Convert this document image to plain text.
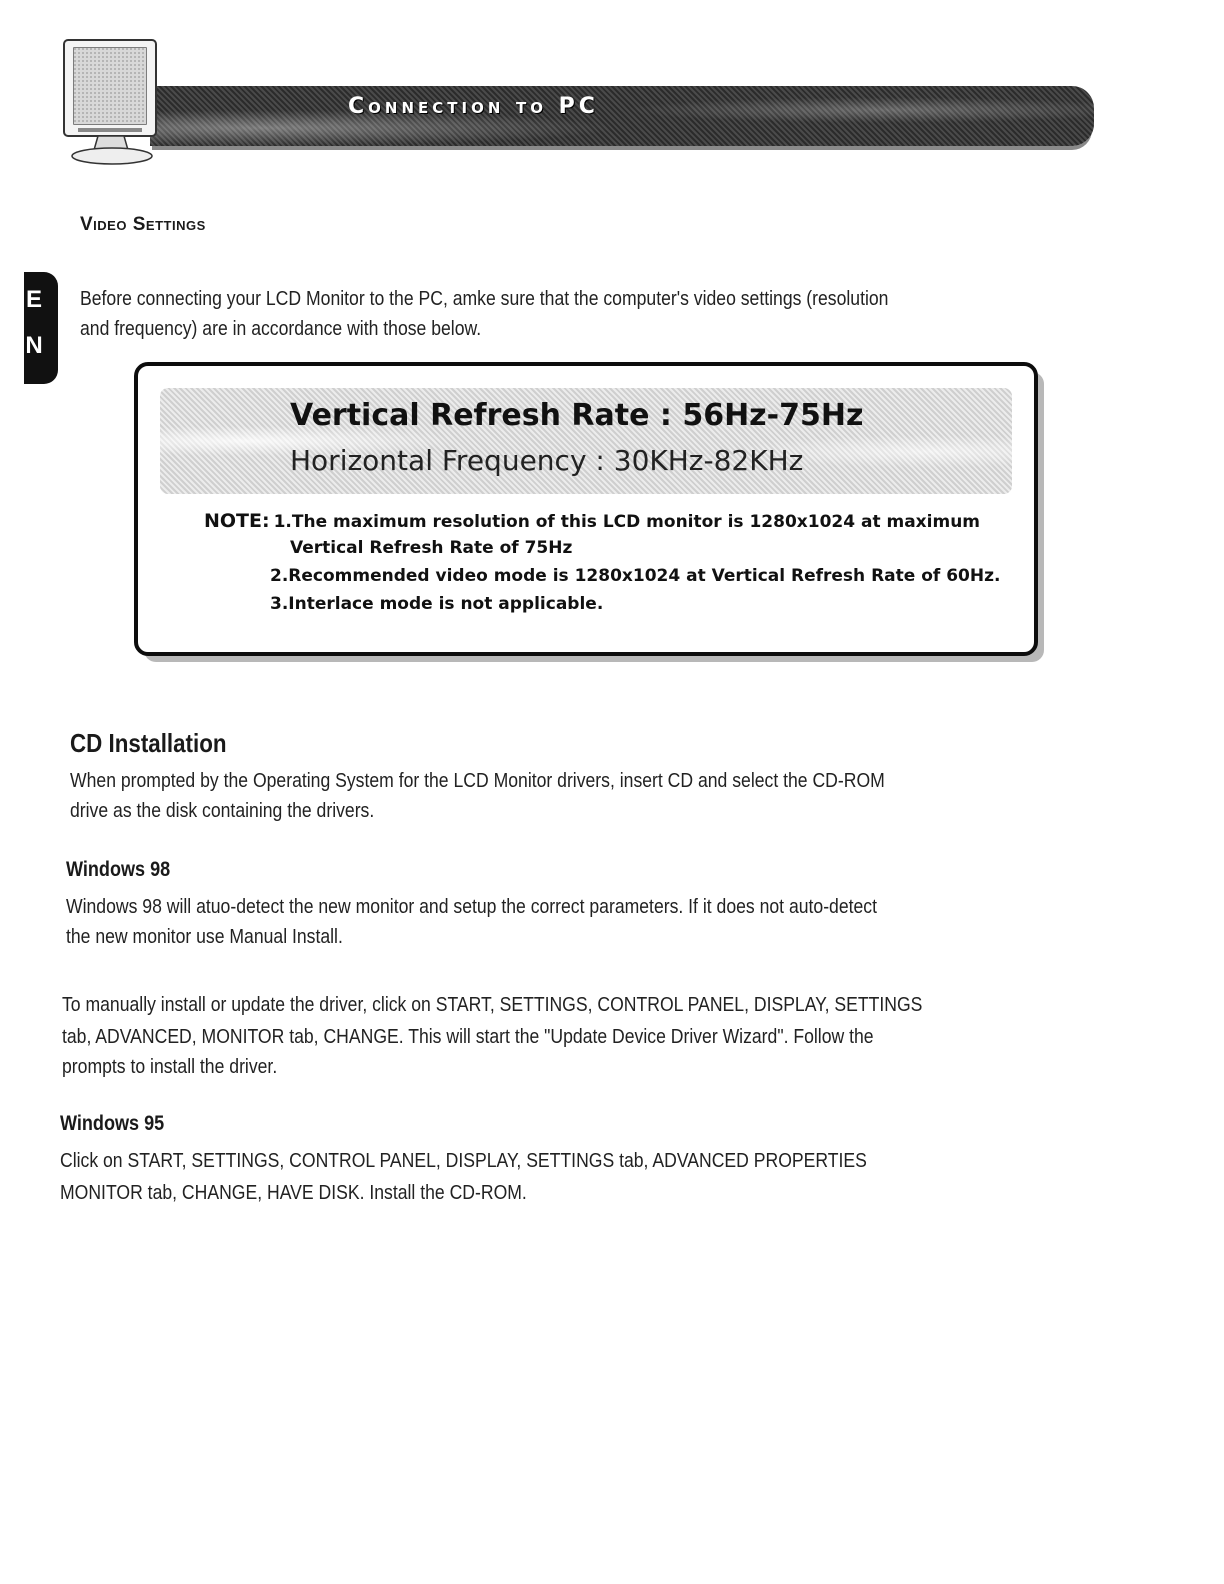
Connection to PC
E
N
Video Settings

Before connecting your LCD Monitor to the PC, amke sure that the computer's video settings (resolution

and frequency) are in accordance with those below.

Vertical Refresh Rate : 56Hz-75Hz

Horizontal Frequency : 30KHz-82KHz

NOTE: 1.The maximum resolution of this LCD monitor is 1280x1024 at maximum
Vertical Refresh Rate of 75Hz
2.Recommended video mode is 1280x1024 at Vertical Refresh Rate of 60Hz.
3.Interlace mode is not applicable.
CD Installation

When prompted by the Operating System for the LCD Monitor drivers, insert CD and select the CD-ROM

drive as the disk containing the drivers.

Windows 98

Windows 98 will atuo-detect the new monitor and setup the correct parameters. If it does not auto-detect

the new monitor use Manual Install.

To manually install or update the driver, click on START, SETTINGS, CONTROL PANEL, DISPLAY, SETTINGS

tab, ADVANCED, MONITOR tab, CHANGE. This will start the "Update Device Driver Wizard". Follow the

prompts to install the driver.

Windows 95

Click on START, SETTINGS, CONTROL PANEL, DISPLAY, SETTINGS tab, ADVANCED PROPERTIES

MONITOR tab, CHANGE, HAVE DISK. Install the CD-ROM.
